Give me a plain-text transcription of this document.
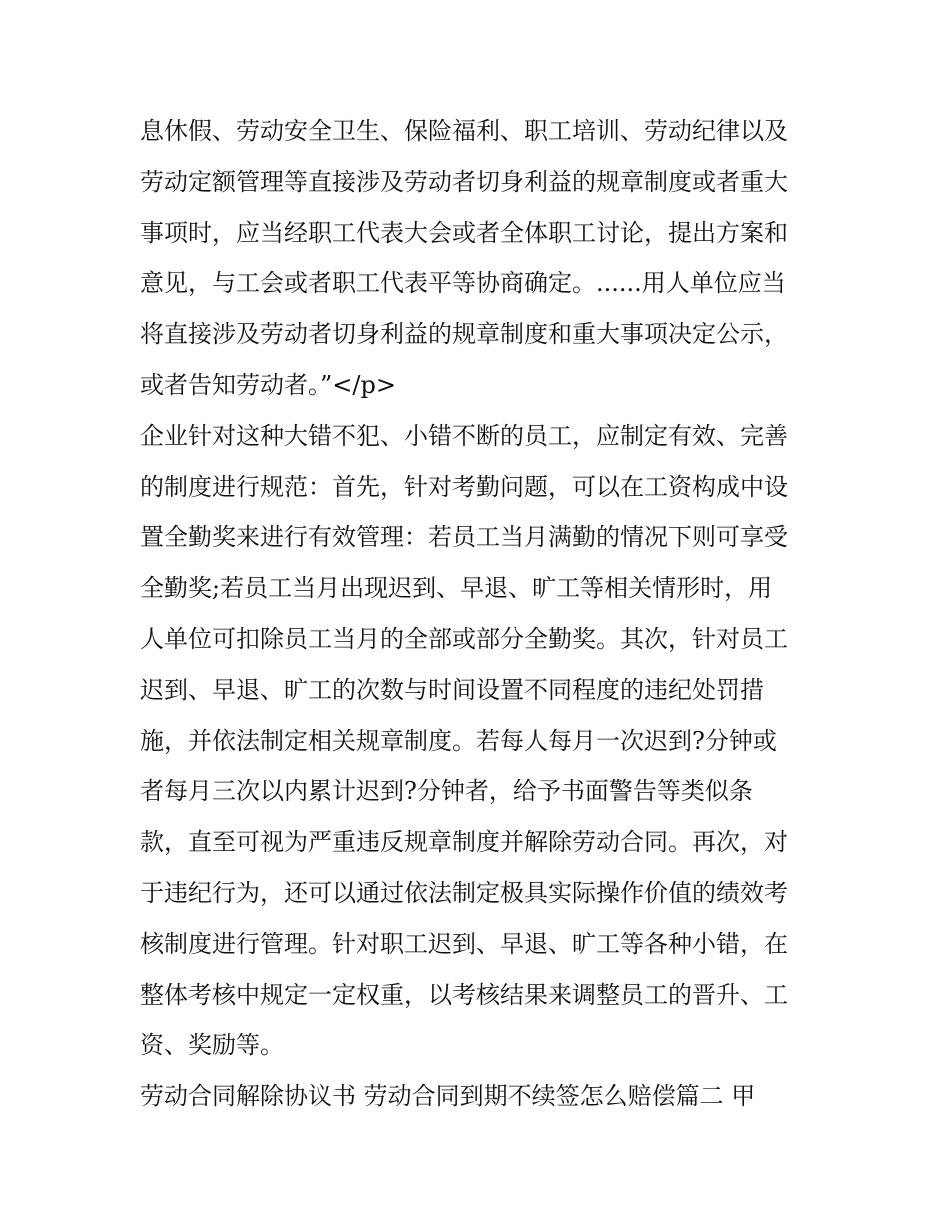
息休假、劳动安全卫生、保险福利、职工培训、劳动纪律以及
劳动定额管理等直接涉及劳动者切身利益的规章制度或者重大
事项时，应当经职工代表大会或者全体职工讨论，提出方案和
意见，与工会或者职工代表平等协商确定。......用人单位应当
将直接涉及劳动者切身利益的规章制度和重大事项决定公示，
或者告知劳动者。”</p>
企业针对这种大错不犯、小错不断的员工，应制定有效、完善
的制度进行规范：首先，针对考勤问题，可以在工资构成中设
置全勤奖来进行有效管理：若员工当月满勤的情况下则可享受
全勤奖;若员工当月出现迟到、早退、旷工等相关情形时，用
人单位可扣除员工当月的全部或部分全勤奖。其次，针对员工
迟到、早退、旷工的次数与时间设置不同程度的违纪处罚措
施，并依法制定相关规章制度。若每人每月一次迟到?分钟或
者每月三次以内累计迟到?分钟者，给予书面警告等类似条
款，直至可视为严重违反规章制度并解除劳动合同。再次，对
于违纪行为，还可以通过依法制定极具实际操作价值的绩效考
核制度进行管理。针对职工迟到、早退、旷工等各种小错，在
整体考核中规定一定权重，以考核结果来调整员工的晋升、工
资、奖励等。
劳动合同解除协议书 劳动合同到期不续签怎么赔偿篇二 甲
